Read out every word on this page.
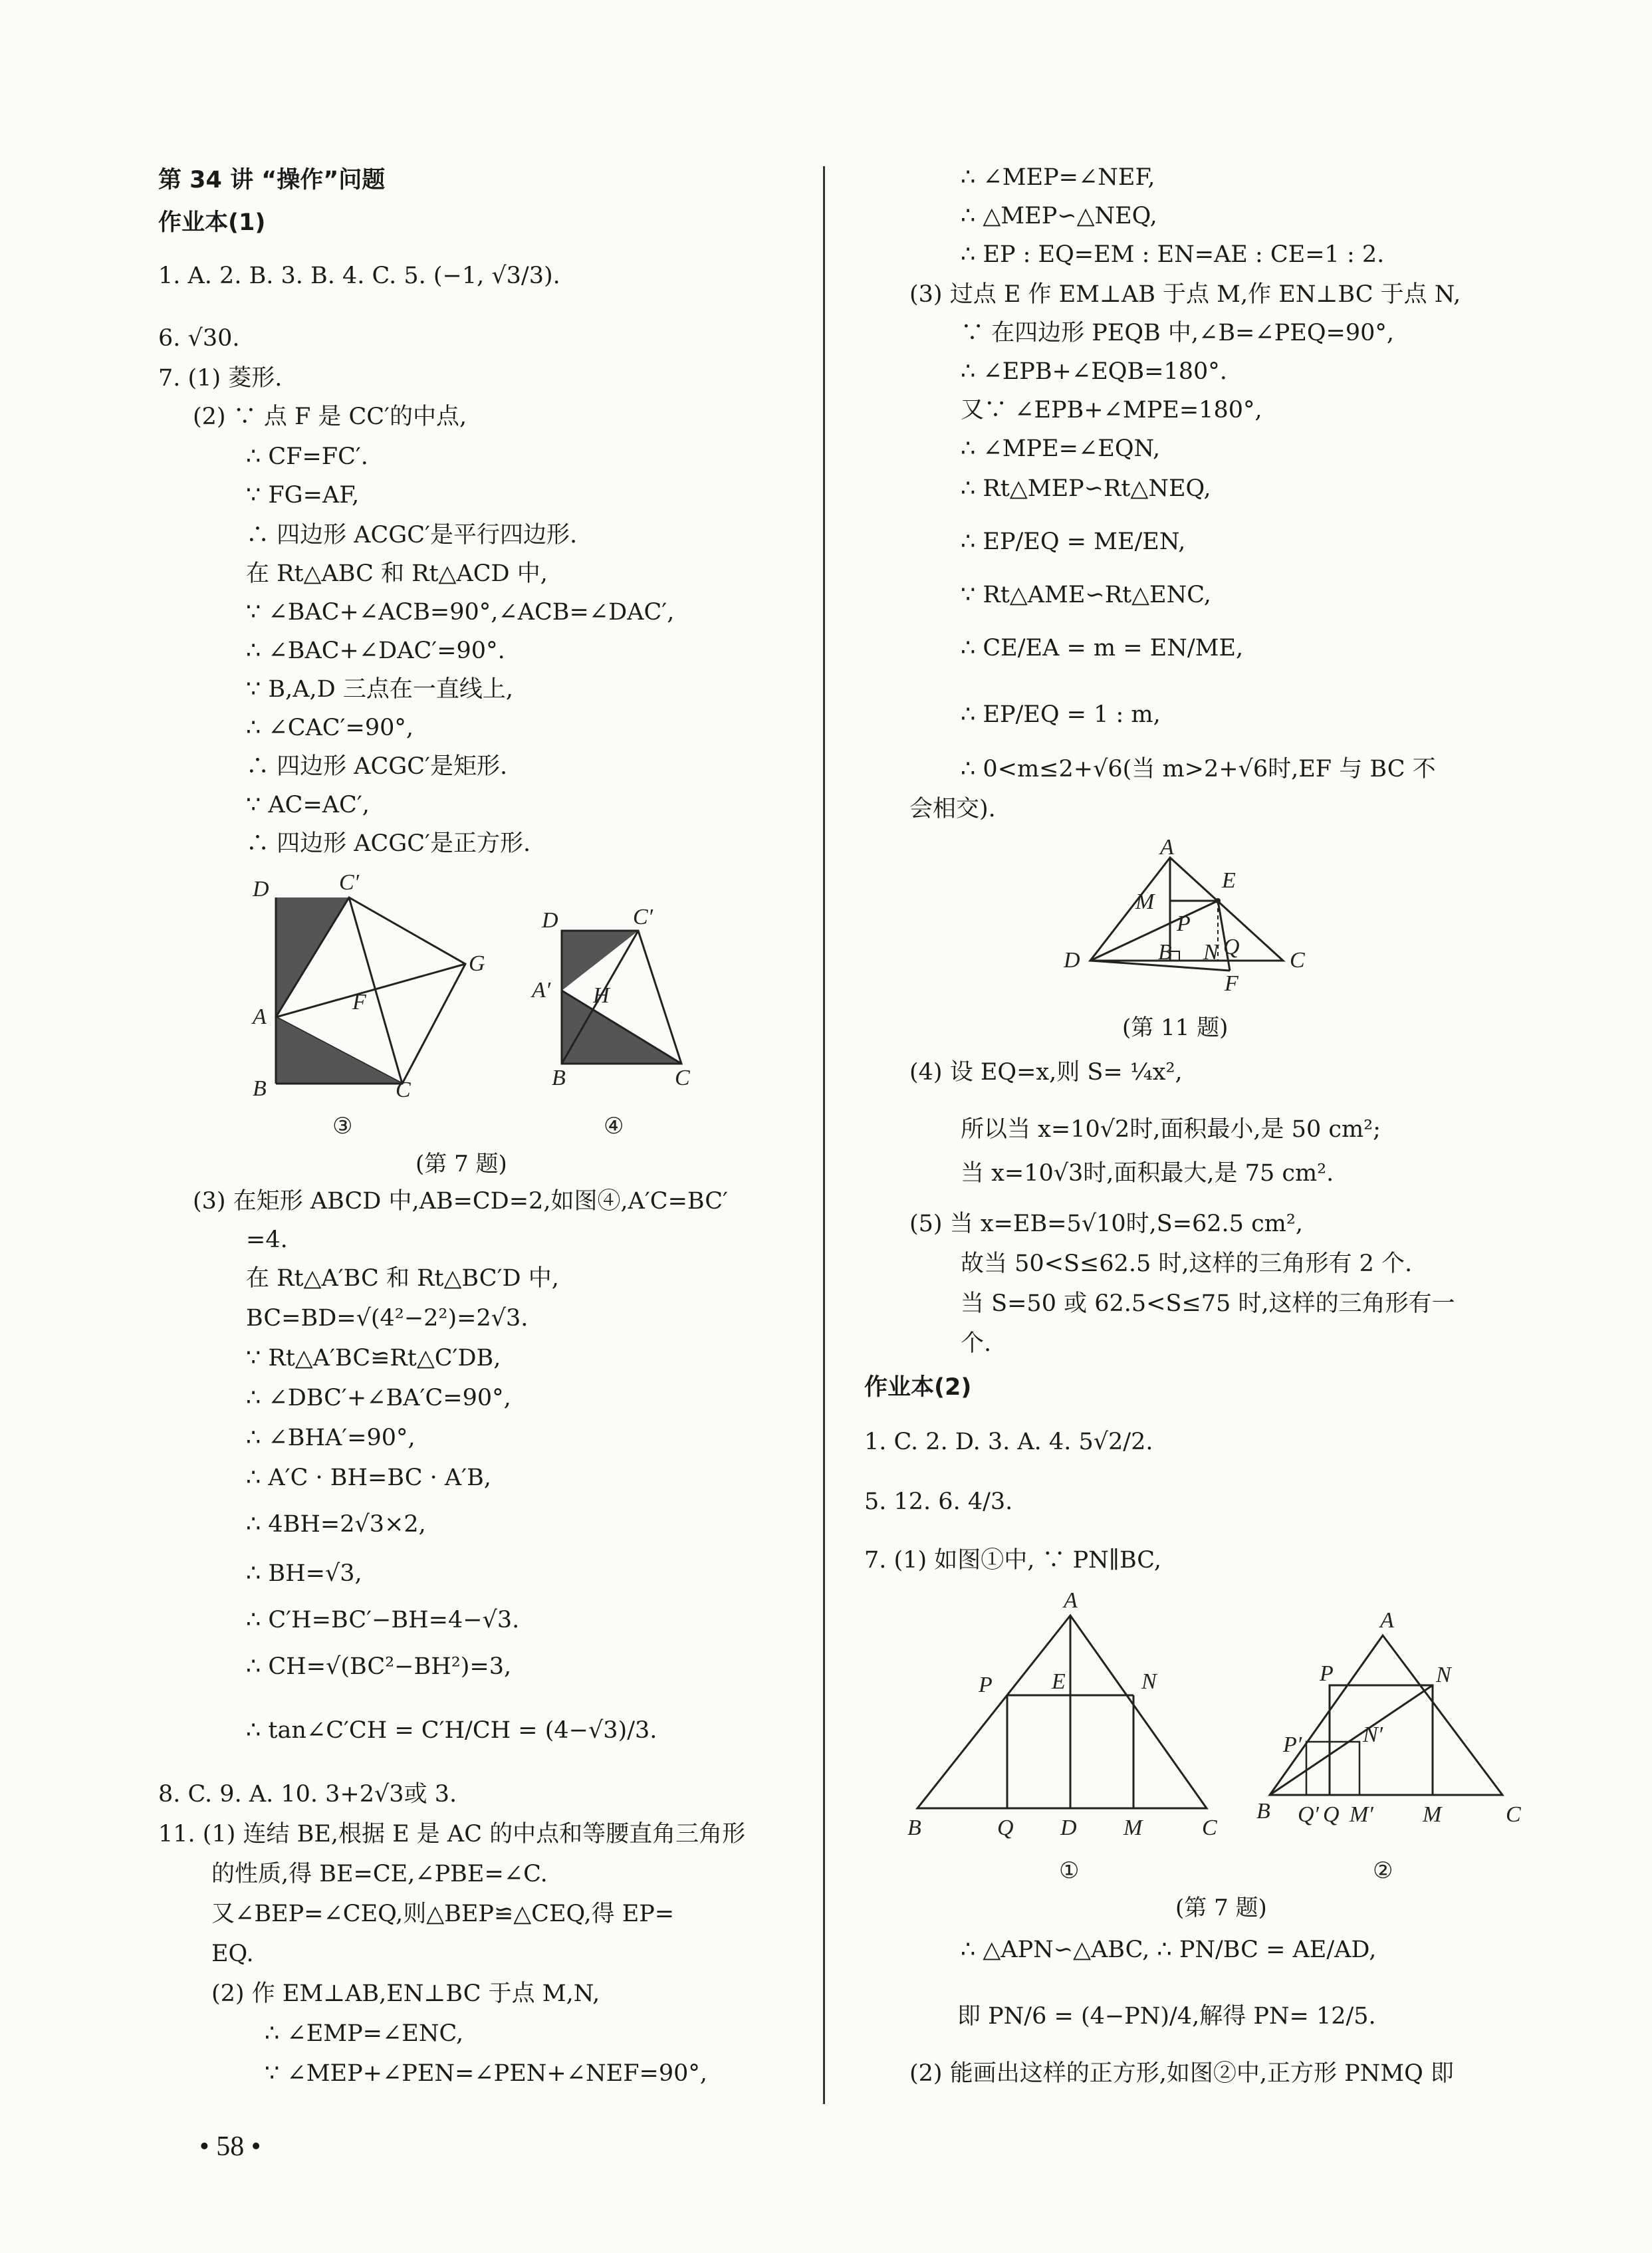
第 34 讲 “操作”问题
作业本(1)
1. A. 2. B. 3. B. 4. C. 5. (−1, √3/3).
6. √30.
7. (1) 菱形.
(2) ∵ 点 F 是 CC′的中点,
∴ CF=FC′.
∵ FG=AF,
∴ 四边形 ACGC′是平行四边形.
在 Rt△ABC 和 Rt△ACD 中,
∵ ∠BAC+∠ACB=90°,∠ACB=∠DAC′,
∴ ∠BAC+∠DAC′=90°.
∵ B,A,D 三点在一直线上,
∴ ∠CAC′=90°,
∴ 四边形 ACGC′是矩形.
∵ AC=AC′,
∴ 四边形 ACGC′是正方形.
D	C′
G
A
F
B	C
③
D	C′
A′ H
B	C
④
(第 7 题)
(3) 在矩形 ABCD 中,AB=CD=2,如图④,A′C=BC′
=4.
在 Rt△A′BC 和 Rt△BC′D 中,
BC=BD=√(4²−2²)=2√3.
∵ Rt△A′BC≌Rt△C′DB,
∴ ∠DBC′+∠BA′C=90°,
∴ ∠BHA′=90°,
∴ A′C · BH=BC · A′B,
∴ 4BH=2√3×2,
∴ BH=√3,
∴ C′H=BC′−BH=4−√3.
∴ CH=√(BC²−BH²)=3,
∴ tan∠C′CH = C′H/CH = (4−√3)/3.
8. C. 9. A. 10. 3+2√3或 3.
11. (1) 连结 BE,根据 E 是 AC 的中点和等腰直角三角形
的性质,得 BE=CE,∠PBE=∠C.
又∠BEP=∠CEQ,则△BEP≌△CEQ,得 EP=
EQ.
(2) 作 EM⊥AB,EN⊥BC 于点 M,N,
∴ ∠EMP=∠ENC,
∵ ∠MEP+∠PEN=∠PEN+∠NEF=90°,
∴ ∠MEP=∠NEF,
∴ △MEP∽△NEQ,
∴ EP : EQ=EM : EN=AE : CE=1 : 2.
(3) 过点 E 作 EM⊥AB 于点 M,作 EN⊥BC 于点 N,
∵ 在四边形 PEQB 中,∠B=∠PEQ=90°,
∴ ∠EPB+∠EQB=180°.
又∵ ∠EPB+∠MPE=180°,
∴ ∠MPE=∠EQN,
∴ Rt△MEP∽Rt△NEQ,
∴ EP/EQ = ME/EN,
∵ Rt△AME∽Rt△ENC,
∴ CE/EA = m = EN/ME,
∴ EP/EQ = 1 : m,
∴ 0<m≤2+√6(当 m>2+√6时,EF 与 BC 不
会相交).
A
E
M
P
N Q
B	C
D
F
(第 11 题)
(4) 设 EQ=x,则 S= ¼x²,
所以当 x=10√2时,面积最小,是 50 cm²;
当 x=10√3时,面积最大,是 75 cm².
(5) 当 x=EB=5√10时,S=62.5 cm²,
故当 50<S≤62.5 时,这样的三角形有 2 个.
当 S=50 或 62.5<S≤75 时,这样的三角形有一
个.
作业本(2)
1. C. 2. D. 3. A. 4. 5√2/2.
5. 12. 6. 4/3.
7. (1) 如图①中, ∵ PN∥BC,
A
P	E	N
B	Q D M	C
①
A
P	N
P′	N′
B Q′ Q M′ M	C
②
(第 7 题)
∴ △APN∽△ABC, ∴ PN/BC = AE/AD,
即 PN/6 = (4−PN)/4,解得 PN= 12/5.
(2) 能画出这样的正方形,如图②中,正方形 PNMQ 即
• 58 •
